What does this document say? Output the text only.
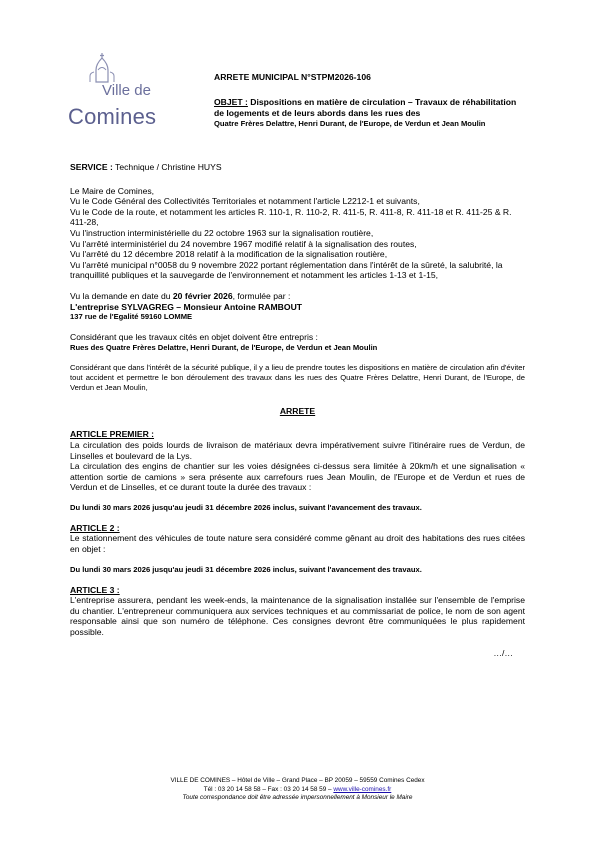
Ville de
Comines
ARRETE MUNICIPAL N°STPM2026-106
OBJET : Dispositions en matière de circulation – Travaux de réhabilitation de logements et de leurs abords dans les rues des
Quatre Frères Delattre, Henri Durant, de l'Europe, de Verdun et Jean Moulin

SERVICE : Technique / Christine HUYS

Le Maire de Comines,

Vu le Code Général des Collectivités Territoriales et notamment l'article L2212-1 et suivants,

Vu le Code de la route, et notamment les articles R. 110-1, R. 110-2, R. 411-5, R. 411-8, R. 411-18 et R. 411-25 & R. 411-28,

Vu l'instruction interministérielle du 22 octobre 1963 sur la signalisation routière,

Vu l'arrêté interministériel du 24 novembre 1967 modifié relatif à la signalisation des routes,

Vu l'arrêté du 12 décembre 2018 relatif à la modification de la signalisation routière,

Vu l'arrêté municipal n°0058 du 9 novembre 2022 portant réglementation dans l'intérêt de la sûreté, la salubrité, la tranquillité publiques et la sauvegarde de l'environnement et notamment les articles 1-13 et 1-15,

Vu la demande en date du 20 février 2026, formulée par :

L'entreprise SYLVAGREG – Monsieur Antoine RAMBOUT

137 rue de l'Egalité 59160 LOMME

Considérant que les travaux cités en objet doivent être entrepris :

Rues des Quatre Frères Delattre, Henri Durant, de l'Europe, de Verdun et Jean Moulin

Considérant que dans l'intérêt de la sécurité publique, il y a lieu de prendre toutes les dispositions en matière de circulation afin d'éviter tout accident et permettre le bon déroulement des travaux dans les rues des Quatre Frères Delattre, Henri Durant, de l'Europe, de Verdun et Jean Moulin,

ARRETE

ARTICLE PREMIER :

La circulation des poids lourds de livraison de matériaux devra impérativement suivre l'itinéraire rues de Verdun, de Linselles et boulevard de la Lys.

La circulation des engins de chantier sur les voies désignées ci-dessus sera limitée à 20km/h et une signalisation « attention sortie de camions » sera présente aux carrefours rues Jean Moulin, de l'Europe et de Verdun et rues de Verdun et de Linselles, et ce durant toute la durée des travaux :

Du lundi 30 mars 2026 jusqu'au jeudi 31 décembre 2026 inclus, suivant l'avancement des travaux.

ARTICLE 2 :

Le stationnement des véhicules de toute nature sera considéré comme gênant au droit des habitations des rues citées en objet :

Du lundi 30 mars 2026 jusqu'au jeudi 31 décembre 2026 inclus, suivant l'avancement des travaux.

ARTICLE 3 :

L'entreprise assurera, pendant les week-ends, la maintenance de la signalisation installée sur l'ensemble de l'emprise du chantier. L'entrepreneur communiquera aux services techniques et au commissariat de police, le nom de son agent responsable ainsi que son numéro de téléphone. Ces consignes devront être communiquées le plus rapidement possible.

…/…

VILLE DE COMINES – Hôtel de Ville – Grand Place – BP 20059 – 59559 Comines Cedex
Tél : 03 20 14 58 58 – Fax : 03 20 14 58 59 – www.ville-comines.fr
Toute correspondance doit être adressée impersonnellement à Monsieur le Maire
